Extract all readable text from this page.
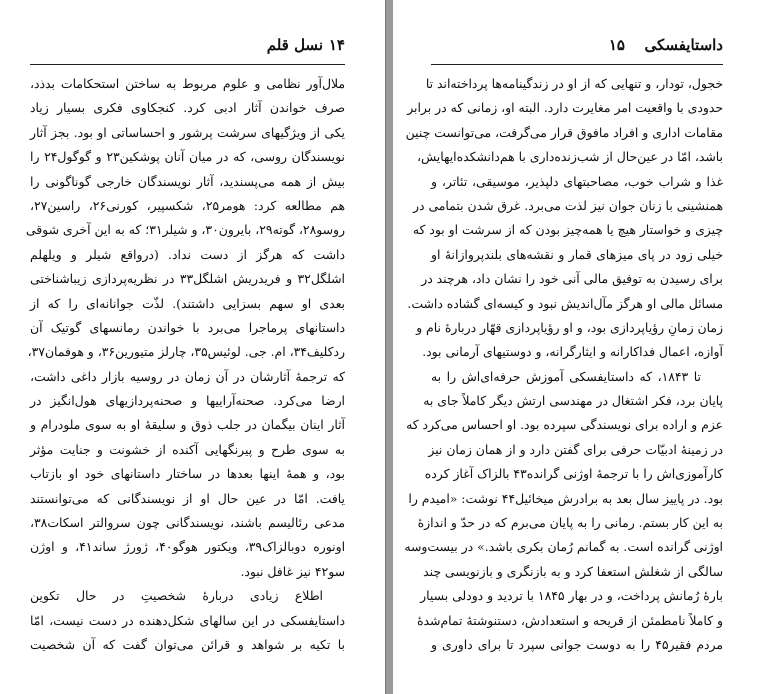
۱۴
نسل قلم
ملال‌آور نظامی و علوم مربوط به ساختن استحکامات بدذد،
صرف خواندن آثار ادبی کرد. کنجکاوی فکری بسیار زیاد
یکی از ویژگیهای سرشت پرشور و احساساتی او بود. بجز آثار
نویسندگان روسی، که در میان آنان پوشکین۲۳ و گوگول۲۴ را
بیش از همه می‌پسندید، آثار نویسندگان خارجی گوناگونی را
هم مطالعه کرد: هومر۲۵، شکسپیر، کورنی۲۶، راسین۲۷،
روسو۲۸، گوته۲۹، بایرون۳۰، و شیلر۳۱؛ که به این آخری شوقی
داشت که هرگز از دست نداد. (درواقع شیلر و ویلهلم
اشلگل۳۲ و فریدریش اشلگل۳۳ در نظریه‌پردازی زیباشناختی
بعدی او سهم بسزایی داشتند). لذّت جوانانه‌ای را که از
داستانهای پرماجرا می‌برد با خواندن رمانسهای گوتیک آن
ردکلیف۳۴، ام. جی. لوئیس۳۵، چارلز متیورین۳۶، و هوفمان۳۷،
که ترجمهٔ آثارشان در آن زمان در روسیه بازار داغی داشت،
ارضا می‌کرد. صحنه‌آراییها و صحنه‌پردازیهای هول‌انگیز در
آثار اینان بیگمان در جلب ذوق و سلیقهٔ او به سوی ملودرام و
به سوی طرح و پیرنگهایی آکنده از خشونت و جنایت مؤثر
بود، و همهٔ اینها بعدها در ساختار داستانهای خود او بازتاب
یافت. امّا در عین حال او از نویسندگانی که می‌توانستند
مدعی رئالیسم باشند، نویسندگانی چون سروالتر اسکات۳۸،
اونوره دوبالزاک۳۹، ویکتور هوگو۴۰، ژورژ ساند۴۱، و اوژن
سو۴۲ نیز غافل نبود.
اطلاع زیادی دربارهٔ شخصیتِ در حال تکوین
داستایفسکی در این سالهای شکل‌دهنده در دست نیست، امّا
با تکیه بر شواهد و قرائن می‌توان گفت که آن شخصیت
داستایفسکی
۱۵
خجول، تودار، و تنهایی که از او در زندگینامه‌ها پرداخته‌اند تا
حدودی با واقعیت امر مغایرت دارد. البته او، زمانی که در برابر
مقامات اداری و افراد مافوق قرار می‌گرفت، می‌توانست چنین
باشد، امّا در عین‌حال از شب‌زنده‌داری با هم‌دانشکده‌ایهایش،
غذا و شراب خوب، مصاحبتهای دلپذیر، موسیقی، تئاتر، و
همنشینی با زنان جوان نیز لذت می‌برد. غرق شدن بتمامی در
چیزی و خواستار هیچ یا همه‌چیز بودن که از سرشت او بود که
خیلی زود در پای میزهای قمار و نقشه‌های بلندپروازانهٔ او
برای رسیدن به توفیق مالی آنی خود را نشان داد، هرچند در
مسائل مالی او هرگز مآل‌اندیش نبود و کیسه‌ای گشاده داشت.
زمان زمانِ رؤیاپردازی بود، و او رؤیاپردازی قهّار دربارهٔ نام و
آوازه، اعمال فداکارانه و ایثارگرانه، و دوستیهای آرمانی بود.
تا ۱۸۴۳، که داستایفسکی آموزش حرفه‌ای‌اش را به
پایان برد، فکر اشتغال در مهندسی ارتش دیگر کاملاً جای به
عزم و اراده برای نویسندگی سپرده بود. او احساس می‌کرد که
در زمینهٔ ادبیّات حرفی برای گفتن دارد و از همان زمان نیز
کارآموزی‌اش را با ترجمهٔ اوژنی گرانده۴۳ بالزاک آغاز کرده
بود. در پاییز سال بعد به برادرش میخائیل۴۴ نوشت: «امیدم را
به این کار بستم. رمانی را به پایان می‌برم که در حدّ و اندازهٔ
اوژنی گرانده است. به گمانم رُمان بکری باشد.» در بیست‌وسه
سالگی از شغلش استعفا کرد و به بازنگری و بازنویسی چند
بارهٔ رُمانش پرداخت، و در بهار ۱۸۴۵ با تردید و دودلی بسیار
و کاملاً نامطمئن از قریحه و استعدادش، دستنوشتهٔ تمام‌شدهٔ
مردم فقیر۴۵ را به دوست جوانی سپرد تا برای داوری و
